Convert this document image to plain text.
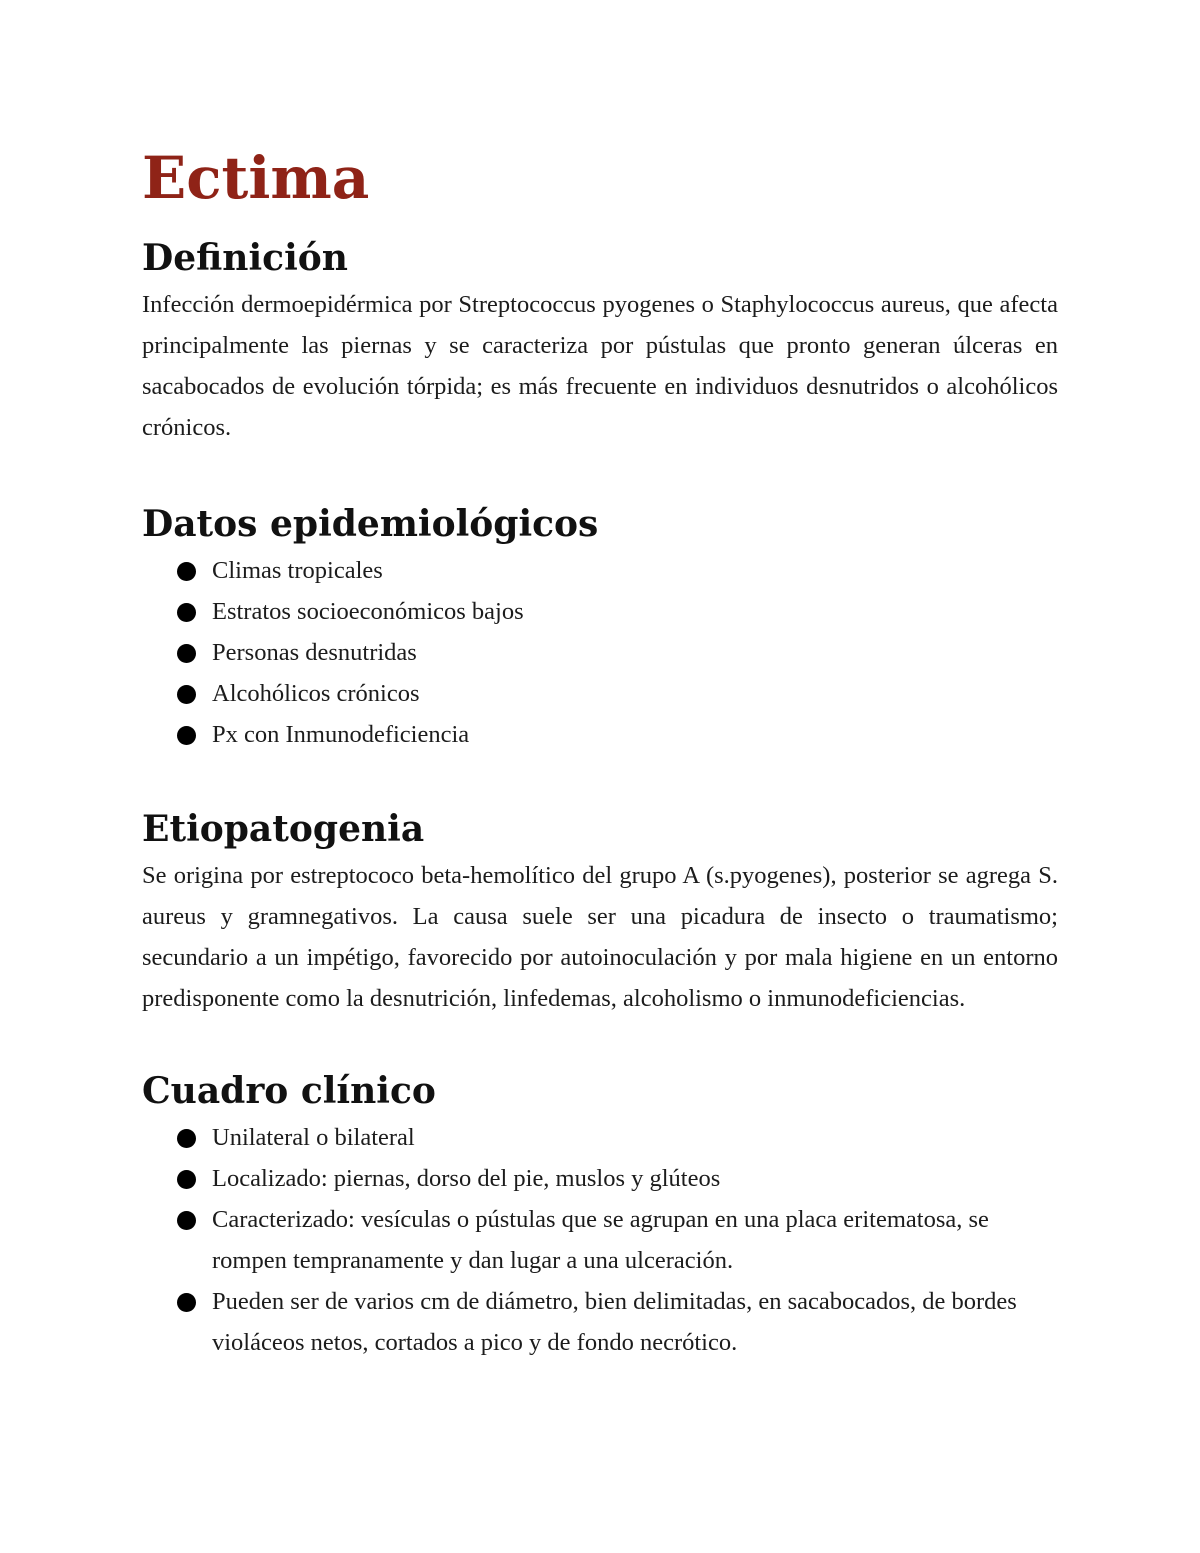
Ectima
Definición

Infección dermoepidérmica por Streptococcus pyogenes o Staphylococcus aureus, que afecta principalmente las piernas y se caracteriza por pústulas que pronto generan úlceras en sacabocados de evolución tórpida; es más frecuente en individuos desnutridos o alcohólicos crónicos.

Datos epidemiológicos
Climas tropicales
Estratos socioeconómicos bajos
Personas desnutridas
Alcohólicos crónicos
Px con Inmunodeficiencia
Etiopatogenia

Se origina por estreptococo beta-hemolítico del grupo A (s.pyogenes), posterior se agrega S. aureus y gramnegativos. La causa suele ser una picadura de insecto o traumatismo; secundario a un impétigo, favorecido por autoinoculación y por mala higiene en un entorno predisponente como la desnutrición, linfedemas, alcoholismo o inmunodeficiencias.

Cuadro clínico
Unilateral o bilateral
Localizado: piernas, dorso del pie, muslos y glúteos
Caracterizado: vesículas o pústulas que se agrupan en una placa eritematosa, se rompen tempranamente y dan lugar a una ulceración.
Pueden ser de varios cm de diámetro, bien delimitadas, en sacabocados, de bordes violáceos netos, cortados a pico y de fondo necrótico.
